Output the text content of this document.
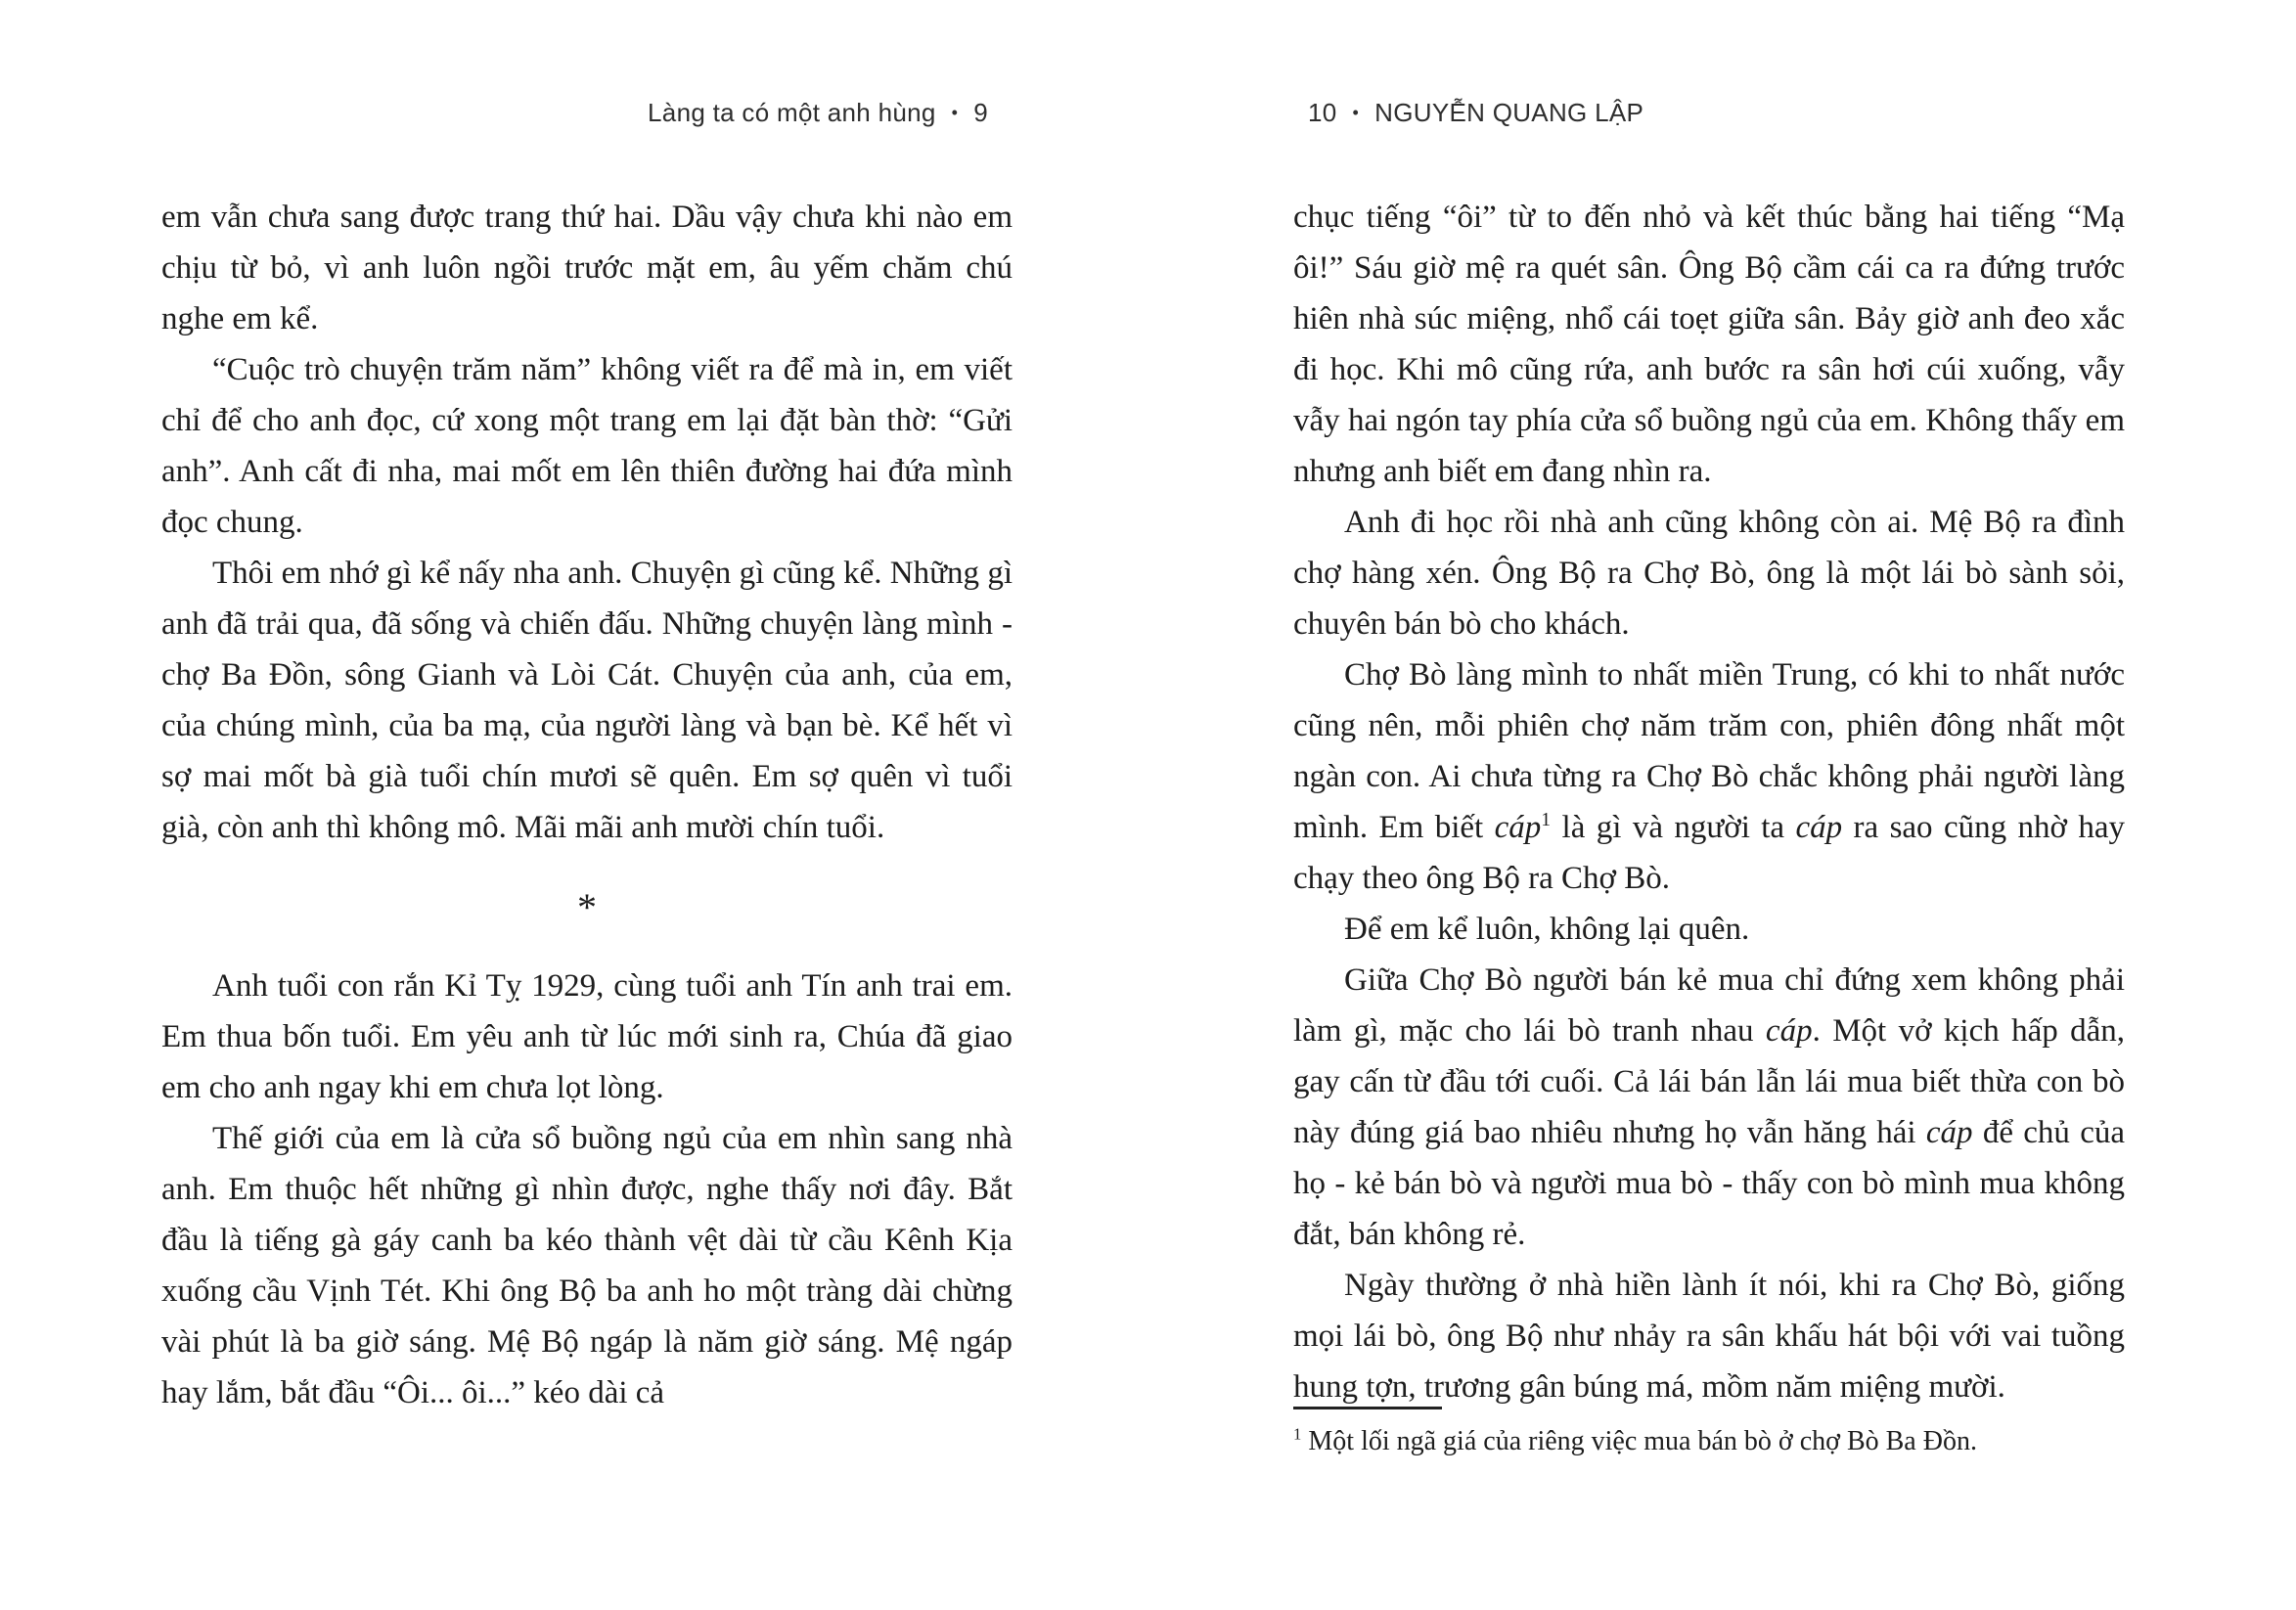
Làng ta có một anh hùng • 9	10 • NGUYỄN QUANG LẬP

em vẫn chưa sang được trang thứ hai. Dầu vậy chưa khi nào em chịu từ bỏ, vì anh luôn ngồi trước mặt em, âu yếm chăm chú nghe em kể.

“Cuộc trò chuyện trăm năm” không viết ra để mà in, em viết chỉ để cho anh đọc, cứ xong một trang em lại đặt bàn thờ: “Gửi anh”. Anh cất đi nha, mai mốt em lên thiên đường hai đứa mình đọc chung.

Thôi em nhớ gì kể nấy nha anh. Chuyện gì cũng kể. Những gì anh đã trải qua, đã sống và chiến đấu. Những chuyện làng mình - chợ Ba Đồn, sông Gianh và Lòi Cát. Chuyện của anh, của em, của chúng mình, của ba mạ, của người làng và bạn bè. Kể hết vì sợ mai mốt bà già tuổi chín mươi sẽ quên. Em sợ quên vì tuổi già, còn anh thì không mô. Mãi mãi anh mười chín tuổi.

*

Anh tuổi con rắn Kỉ Tỵ 1929, cùng tuổi anh Tín anh trai em. Em thua bốn tuổi. Em yêu anh từ lúc mới sinh ra, Chúa đã giao em cho anh ngay khi em chưa lọt lòng.

Thế giới của em là cửa sổ buồng ngủ của em nhìn sang nhà anh. Em thuộc hết những gì nhìn được, nghe thấy nơi đây. Bắt đầu là tiếng gà gáy canh ba kéo thành vệt dài từ cầu Kênh Kịa xuống cầu Vịnh Tét. Khi ông Bộ ba anh ho một tràng dài chừng vài phút là ba giờ sáng. Mệ Bộ ngáp là năm giờ sáng. Mệ ngáp hay lắm, bắt đầu “Ôi... ôi...” kéo dài cả

chục tiếng “ôi” từ to đến nhỏ và kết thúc bằng hai tiếng “Mạ ôi!” Sáu giờ mệ ra quét sân. Ông Bộ cầm cái ca ra đứng trước hiên nhà súc miệng, nhổ cái toẹt giữa sân. Bảy giờ anh đeo xắc đi học. Khi mô cũng rứa, anh bước ra sân hơi cúi xuống, vẫy vẫy hai ngón tay phía cửa sổ buồng ngủ của em. Không thấy em nhưng anh biết em đang nhìn ra.

Anh đi học rồi nhà anh cũng không còn ai. Mệ Bộ ra đình chợ hàng xén. Ông Bộ ra Chợ Bò, ông là một lái bò sành sỏi, chuyên bán bò cho khách.

Chợ Bò làng mình to nhất miền Trung, có khi to nhất nước cũng nên, mỗi phiên chợ năm trăm con, phiên đông nhất một ngàn con. Ai chưa từng ra Chợ Bò chắc không phải người làng mình. Em biết cáp$^1$ là gì và người ta cáp ra sao cũng nhờ hay chạy theo ông Bộ ra Chợ Bò.

Để em kể luôn, không lại quên.

Giữa Chợ Bò người bán kẻ mua chỉ đứng xem không phải làm gì, mặc cho lái bò tranh nhau cáp. Một vở kịch hấp dẫn, gay cấn từ đầu tới cuối. Cả lái bán lẫn lái mua biết thừa con bò này đúng giá bao nhiêu nhưng họ vẫn hăng hái cáp để chủ của họ - kẻ bán bò và người mua bò - thấy con bò mình mua không đắt, bán không rẻ.

Ngày thường ở nhà hiền lành ít nói, khi ra Chợ Bò, giống mọi lái bò, ông Bộ như nhảy ra sân khấu hát bội với vai tuồng hung tợn, trương gân búng má, mồm năm miệng mười.

$^1$ Một lối ngã giá của riêng việc mua bán bò ở chợ Bò Ba Đồn.
